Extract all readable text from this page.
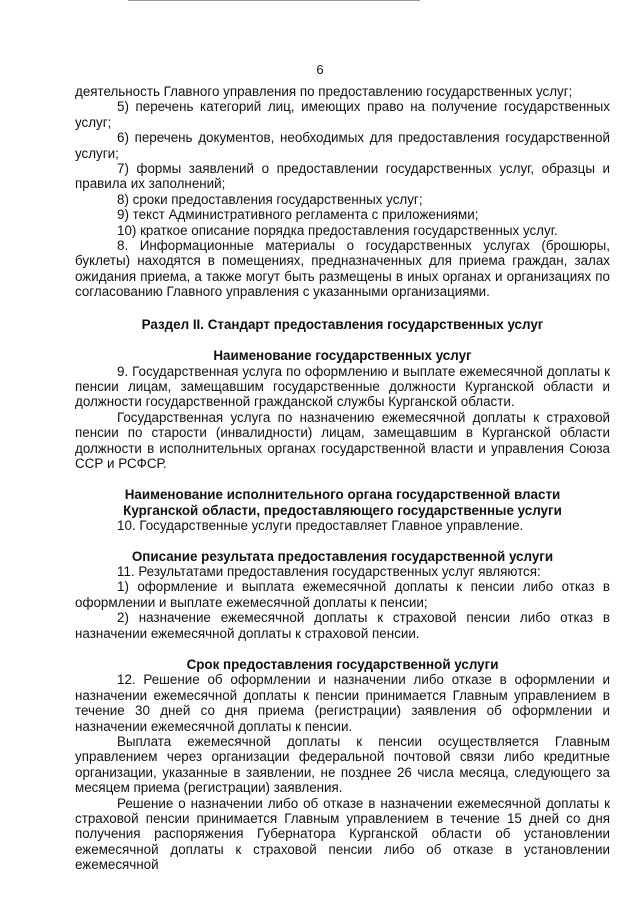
6

деятельность Главного управления по предоставлению государственных услуг;

5) перечень категорий лиц, имеющих право на получение государственных услуг;

6) перечень документов, необходимых для предоставления государственной услуги;

7) формы заявлений о предоставлении государственных услуг, образцы и правила их заполнений;

8) сроки предоставления государственных услуг;

9) текст Административного регламента с приложениями;

10) краткое описание порядка предоставления государственных услуг.

8. Информационные материалы о государственных услугах (брошюры, буклеты) находятся в помещениях, предназначенных для приема граждан, залах ожидания приема, а также могут быть размещены в иных органах и организациях по согласованию Главного управления с указанными организациями.

Раздел II. Стандарт предоставления государственных услуг
Наименование государственных услуг

9. Государственная услуга по оформлению и выплате ежемесячной доплаты к пенсии лицам, замещавшим государственные должности Курганской области и должности государственной гражданской службы Курганской области.

Государственная услуга по назначению ежемесячной доплаты к страховой пенсии по старости (инвалидности) лицам, замещавшим в Курганской области должности в исполнительных органах государственной власти и управления Союза ССР и РСФСР.

Наименование исполнительного органа государственной власти
Курганской области, предоставляющего государственные услуги

10. Государственные услуги предоставляет Главное управление.

Описание результата предоставления государственной услуги

11. Результатами предоставления государственных услуг являются:

1) оформление и выплата ежемесячной доплаты к пенсии либо отказ в оформлении и выплате ежемесячной доплаты к пенсии;

2) назначение ежемесячной доплаты к страховой пенсии либо отказ в назначении ежемесячной доплаты к страховой пенсии.

Срок предоставления государственной услуги

12. Решение об оформлении и назначении либо отказе в оформлении и назначении ежемесячной доплаты к пенсии принимается Главным управлением в течение 30 дней со дня приема (регистрации) заявления об оформлении и назначении ежемесячной доплаты к пенсии.

Выплата ежемесячной доплаты к пенсии осуществляется Главным управлением через организации федеральной почтовой связи либо кредитные организации, указанные в заявлении, не позднее 26 числа месяца, следующего за месяцем приема (регистрации) заявления.

Решение о назначении либо об отказе в назначении ежемесячной доплаты к страховой пенсии принимается Главным управлением в течение 15 дней со дня получения распоряжения Губернатора Курганской области об установлении ежемесячной доплаты к страховой пенсии либо об отказе в установлении ежемесячной
